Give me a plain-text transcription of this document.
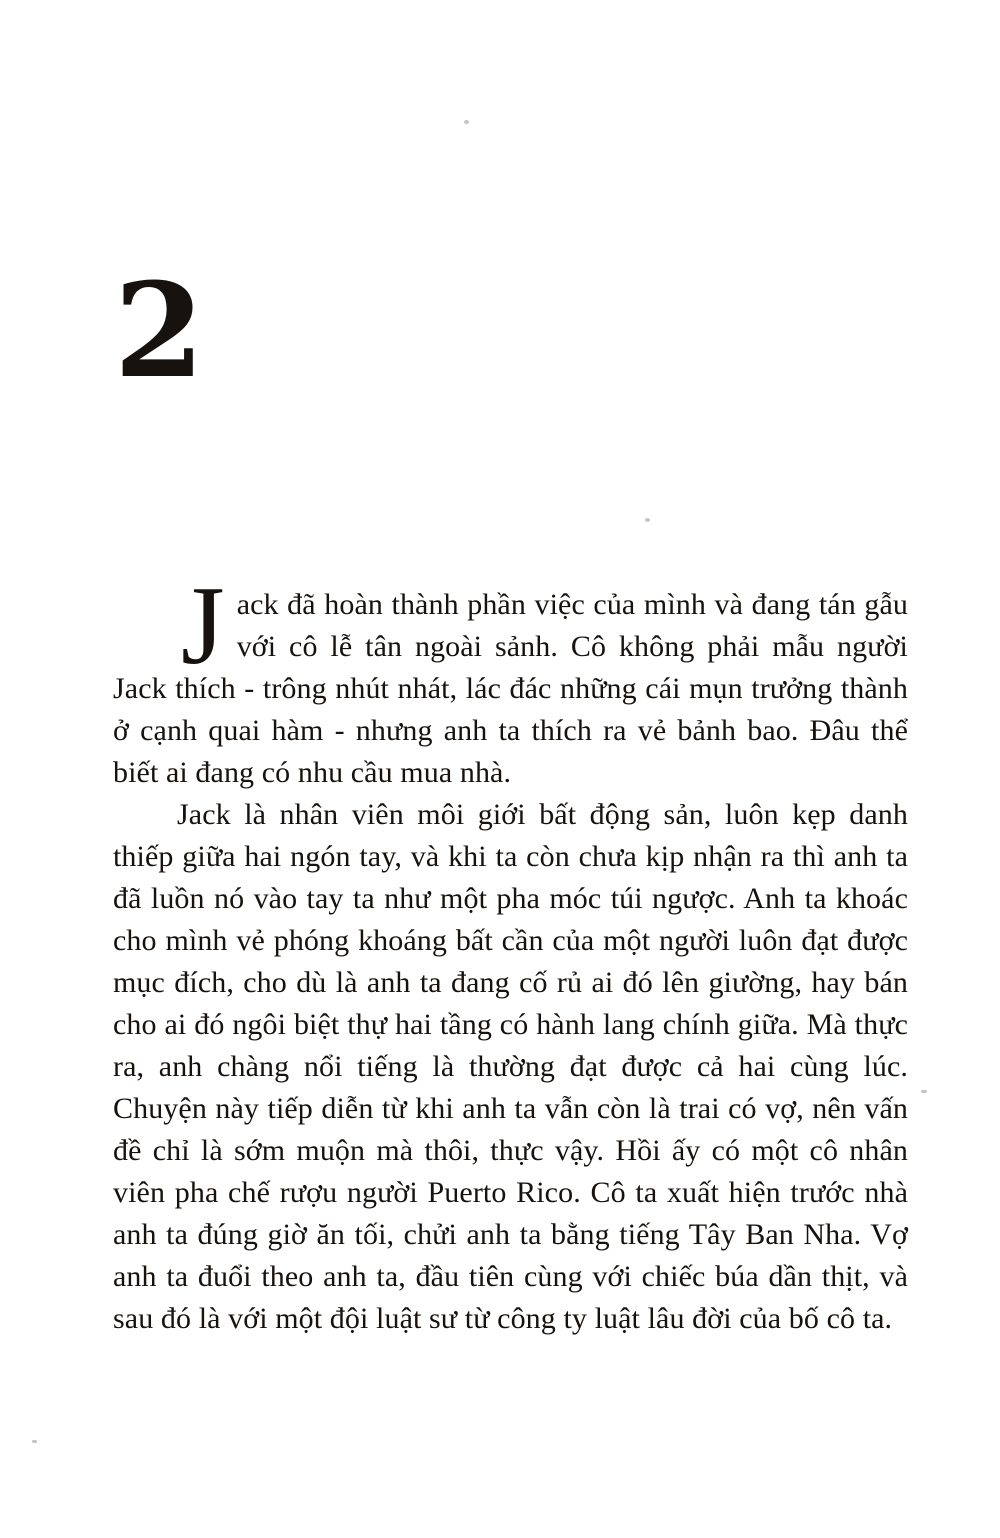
2

Jack đã hoàn thành phần việc của mình và đang tán gẫu với cô lễ tân ngoài sảnh. Cô không phải mẫu người Jack thích - trông nhút nhát, lác đác những cái mụn trưởng thành ở cạnh quai hàm - nhưng anh ta thích ra vẻ bảnh bao. Đâu thể biết ai đang có nhu cầu mua nhà.

Jack là nhân viên môi giới bất động sản, luôn kẹp danh thiếp giữa hai ngón tay, và khi ta còn chưa kịp nhận ra thì anh ta đã luồn nó vào tay ta như một pha móc túi ngược. Anh ta khoác cho mình vẻ phóng khoáng bất cần của một người luôn đạt được mục đích, cho dù là anh ta đang cố rủ ai đó lên giường, hay bán cho ai đó ngôi biệt thự hai tầng có hành lang chính giữa. Mà thực ra, anh chàng nổi tiếng là thường đạt được cả hai cùng lúc. Chuyện này tiếp diễn từ khi anh ta vẫn còn là trai có vợ, nên vấn đề chỉ là sớm muộn mà thôi, thực vậy. Hồi ấy có một cô nhân viên pha chế rượu người Puerto Rico. Cô ta xuất hiện trước nhà anh ta đúng giờ ăn tối, chửi anh ta bằng tiếng Tây Ban Nha. Vợ anh ta đuổi theo anh ta, đầu tiên cùng với chiếc búa dần thịt, và sau đó là với một đội luật sư từ công ty luật lâu đời của bố cô ta.
